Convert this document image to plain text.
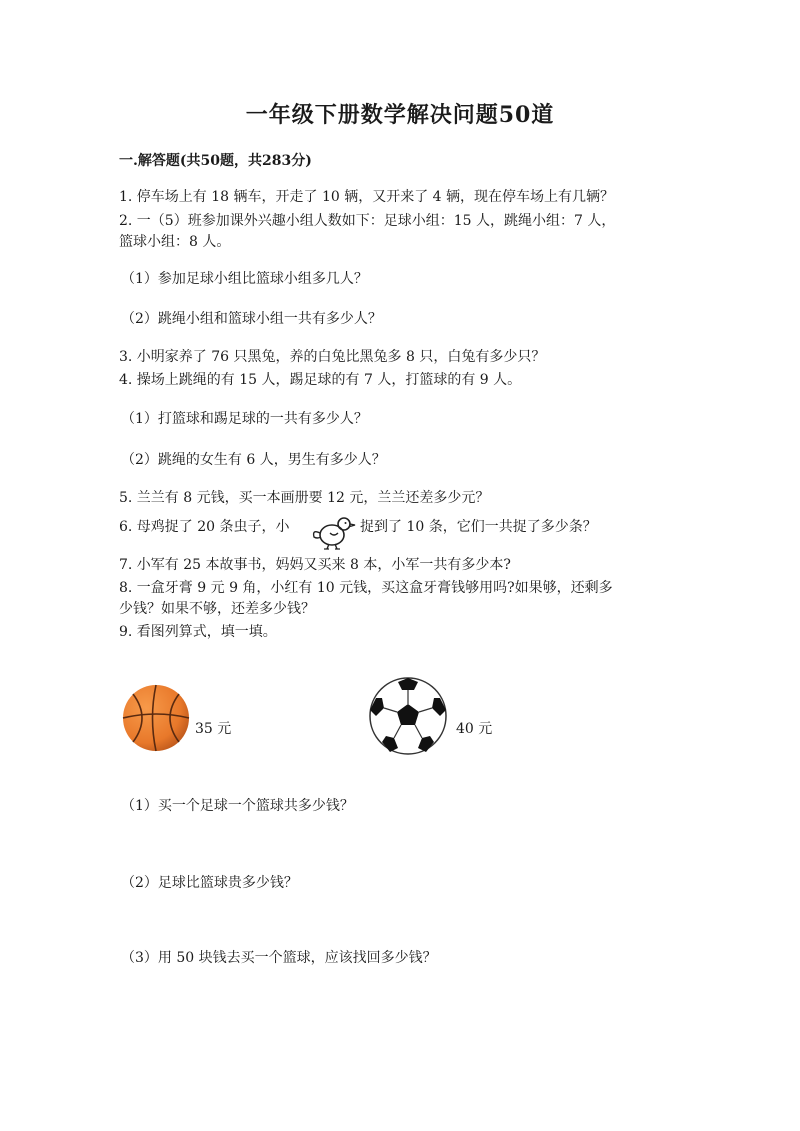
一年级下册数学解决问题50道
一.解答题(共50题，共283分)
1. 停车场上有 18 辆车，开走了 10 辆，又开来了 4 辆，现在停车场上有几辆？
2. 一（5）班参加课外兴趣小组人数如下：足球小组：15 人，跳绳小组：7 人，
篮球小组：8 人。
（1）参加足球小组比篮球小组多几人？
（2）跳绳小组和篮球小组一共有多少人？
3. 小明家养了 76 只黑兔，养的白兔比黑兔多 8 只，白兔有多少只？
4. 操场上跳绳的有 15 人，踢足球的有 7 人，打篮球的有 9 人。
（1）打篮球和踢足球的一共有多少人？
（2）跳绳的女生有 6 人，男生有多少人？
5. 兰兰有 8 元钱，买一本画册要 12 元，兰兰还差多少元？
6. 母鸡捉了 20 条虫子，小	捉到了 10 条，它们一共捉了多少条？
7. 小军有 25 本故事书，妈妈又买来 8 本，小军一共有多少本?
8. 一盒牙膏 9 元 9 角，小红有 10 元钱，买这盒牙膏钱够用吗?如果够，还剩多
少钱？如果不够，还差多少钱？
9. 看图列算式，填一填。
35 元	40 元
（1）买一个足球一个篮球共多少钱？
（2）足球比篮球贵多少钱？
（3）用 50 块钱去买一个篮球，应该找回多少钱？
